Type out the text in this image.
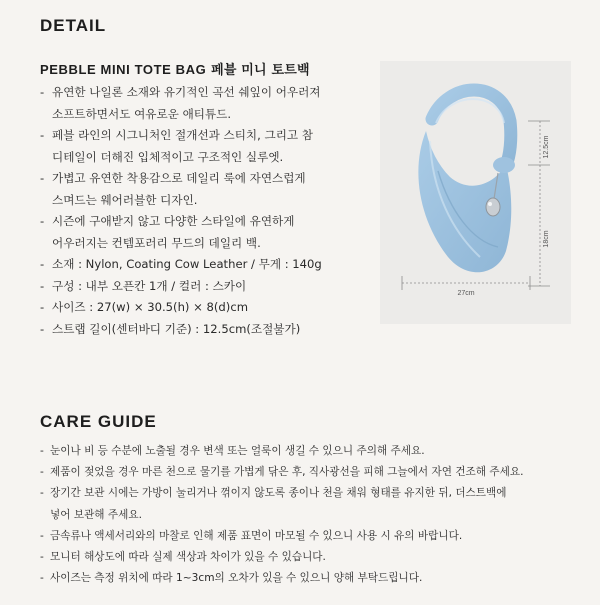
DETAIL
PEBBLE MINI TOTE BAG 페블 미니 토트백
- 유연한 나일론 소재와 유기적인 곡선 쉐잎이 어우러져
소프트하면서도 여유로운 애티튜드.
- 페블 라인의 시그니처인 절개선과 스티치, 그리고 참
디테일이 더해진 입체적이고 구조적인 실루엣.
- 가볍고 유연한 착용감으로 데일리 룩에 자연스럽게
스며드는 웨어러블한 디자인.
- 시즌에 구애받지 않고 다양한 스타일에 유연하게
어우러지는 컨템포러리 무드의 데일리 백.
- 소재 : Nylon, Coating Cow Leather / 무게 : 140g
- 구성 : 내부 오픈칸 1개 / 컬러 : 스카이
- 사이즈 : 27(w) × 30.5(h) × 8(d)cm
- 스트랩 길이(센터바디 기준) : 12.5cm(조절불가)
12.5cm
18cm
27cm
CARE GUIDE
- 눈이나 비 등 수분에 노출될 경우 변색 또는 얼룩이 생길 수 있으니 주의해 주세요.
- 제품이 젖었을 경우 마른 천으로 물기를 가볍게 닦은 후, 직사광선을 피해 그늘에서 자연 건조해 주세요.
- 장기간 보관 시에는 가방이 눌리거나 꺾이지 않도록 종이나 천을 채워 형태를 유지한 뒤, 더스트백에
넣어 보관해 주세요.
- 금속류나 액세서리와의 마찰로 인해 제품 표면이 마모될 수 있으니 사용 시 유의 바랍니다.
- 모니터 해상도에 따라 실제 색상과 차이가 있을 수 있습니다.
- 사이즈는 측정 위치에 따라 1~3cm의 오차가 있을 수 있으니 양해 부탁드립니다.
